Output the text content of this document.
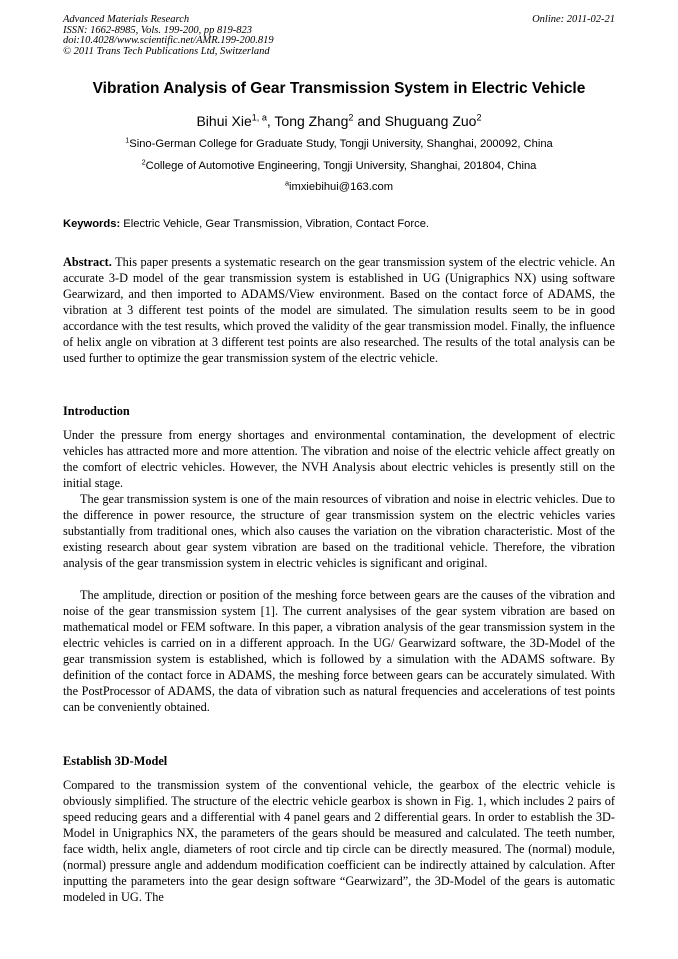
Advanced Materials Research
ISSN: 1662-8985, Vols. 199-200, pp 819-823
doi:10.4028/www.scientific.net/AMR.199-200.819
© 2011 Trans Tech Publications Ltd, Switzerland
Online: 2011-02-21
Vibration Analysis of Gear Transmission System in Electric Vehicle
Bihui Xie$^{1, a}$, Tong Zhang$^2$ and Shuguang Zuo$^2$
$^1$Sino-German College for Graduate Study, Tongji University, Shanghai, 200092, China
$^2$College of Automotive Engineering, Tongji University, Shanghai, 201804, China
$^a$imxiebihui@163.com
Keywords: Electric Vehicle, Gear Transmission, Vibration, Contact Force.

Abstract. This paper presents a systematic research on the gear transmission system of the electric vehicle. An accurate 3-D model of the gear transmission system is established in UG (Unigraphics NX) using software Gearwizard, and then imported to ADAMS/View environment. Based on the contact force of ADAMS, the vibration at 3 different test points of the model are simulated. The simulation results seem to be in good accordance with the test results, which proved the validity of the gear transmission model. Finally, the influence of helix angle on vibration at 3 different test points are also researched. The results of the total analysis can be used further to optimize the gear transmission system of the electric vehicle.

Introduction

Under the pressure from energy shortages and environmental contamination, the development of electric vehicles has attracted more and more attention. The vibration and noise of the electric vehicle affect greatly on the comfort of electric vehicles. However, the NVH Analysis about electric vehicles is presently still on the initial stage.

The gear transmission system is one of the main resources of vibration and noise in electric vehicles. Due to the difference in power resource, the structure of gear transmission system on the electric vehicles varies substantially from traditional ones, which also causes the variation on the vibration characteristic. Most of the existing research about gear system vibration are based on the traditional vehicle. Therefore, the vibration analysis of the gear transmission system in electric vehicles is significant and original.

The amplitude, direction or position of the meshing force between gears are the causes of the vibration and noise of the gear transmission system [1]. The current analysises of the gear system vibration are based on mathematical model or FEM software. In this paper, a vibration analysis of the gear transmission system in the electric vehicles is carried on in a different approach. In the UG/ Gearwizard software, the 3D-Model of the gear transmission system is established, which is followed by a simulation with the ADAMS software. By definition of the contact force in ADAMS, the meshing force between gears can be accurately simulated. With the PostProcessor of ADAMS, the data of vibration such as natural frequencies and accelerations of test points can be conveniently obtained.

Establish 3D-Model

Compared to the transmission system of the conventional vehicle, the gearbox of the electric vehicle is obviously simplified. The structure of the electric vehicle gearbox is shown in Fig. 1, which includes 2 pairs of speed reducing gears and a differential with 4 panel gears and 2 differential gears. In order to establish the 3D-Model in Unigraphics NX, the parameters of the gears should be measured and calculated. The teeth number, face width, helix angle, diameters of root circle and tip circle can be directly measured. The (normal) module, (normal) pressure angle and addendum modification coefficient can be indirectly attained by calculation. After inputting the parameters into the gear design software “Gearwizard”, the 3D-Model of the gears is automatic modeled in UG. The
